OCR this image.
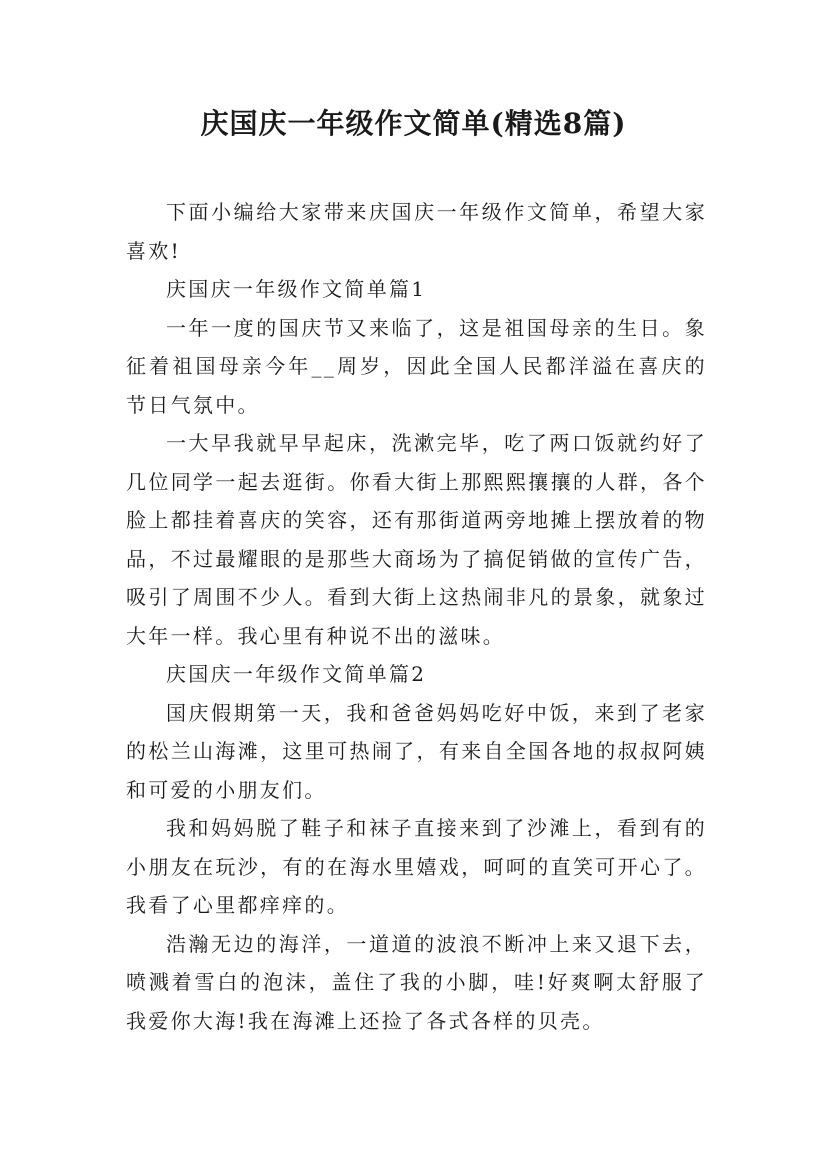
庆国庆一年级作文简单(精选8篇)

下面小编给大家带来庆国庆一年级作文简单，希望大家喜欢!

庆国庆一年级作文简单篇1

一年一度的国庆节又来临了，这是祖国母亲的生日。象征着祖国母亲今年__周岁，因此全国人民都洋溢在喜庆的节日气氛中。

一大早我就早早起床，洗漱完毕，吃了两口饭就约好了几位同学一起去逛街。你看大街上那熙熙攘攘的人群，各个脸上都挂着喜庆的笑容，还有那街道两旁地摊上摆放着的物品，不过最耀眼的是那些大商场为了搞促销做的宣传广告，吸引了周围不少人。看到大街上这热闹非凡的景象，就象过大年一样。我心里有种说不出的滋味。

庆国庆一年级作文简单篇2

国庆假期第一天，我和爸爸妈妈吃好中饭，来到了老家的松兰山海滩，这里可热闹了，有来自全国各地的叔叔阿姨和可爱的小朋友们。

我和妈妈脱了鞋子和袜子直接来到了沙滩上，看到有的小朋友在玩沙，有的在海水里嬉戏，呵呵的直笑可开心了。我看了心里都痒痒的。

浩瀚无边的海洋，一道道的波浪不断冲上来又退下去，喷溅着雪白的泡沫，盖住了我的小脚，哇!好爽啊太舒服了我爱你大海!我在海滩上还捡了各式各样的贝壳。
